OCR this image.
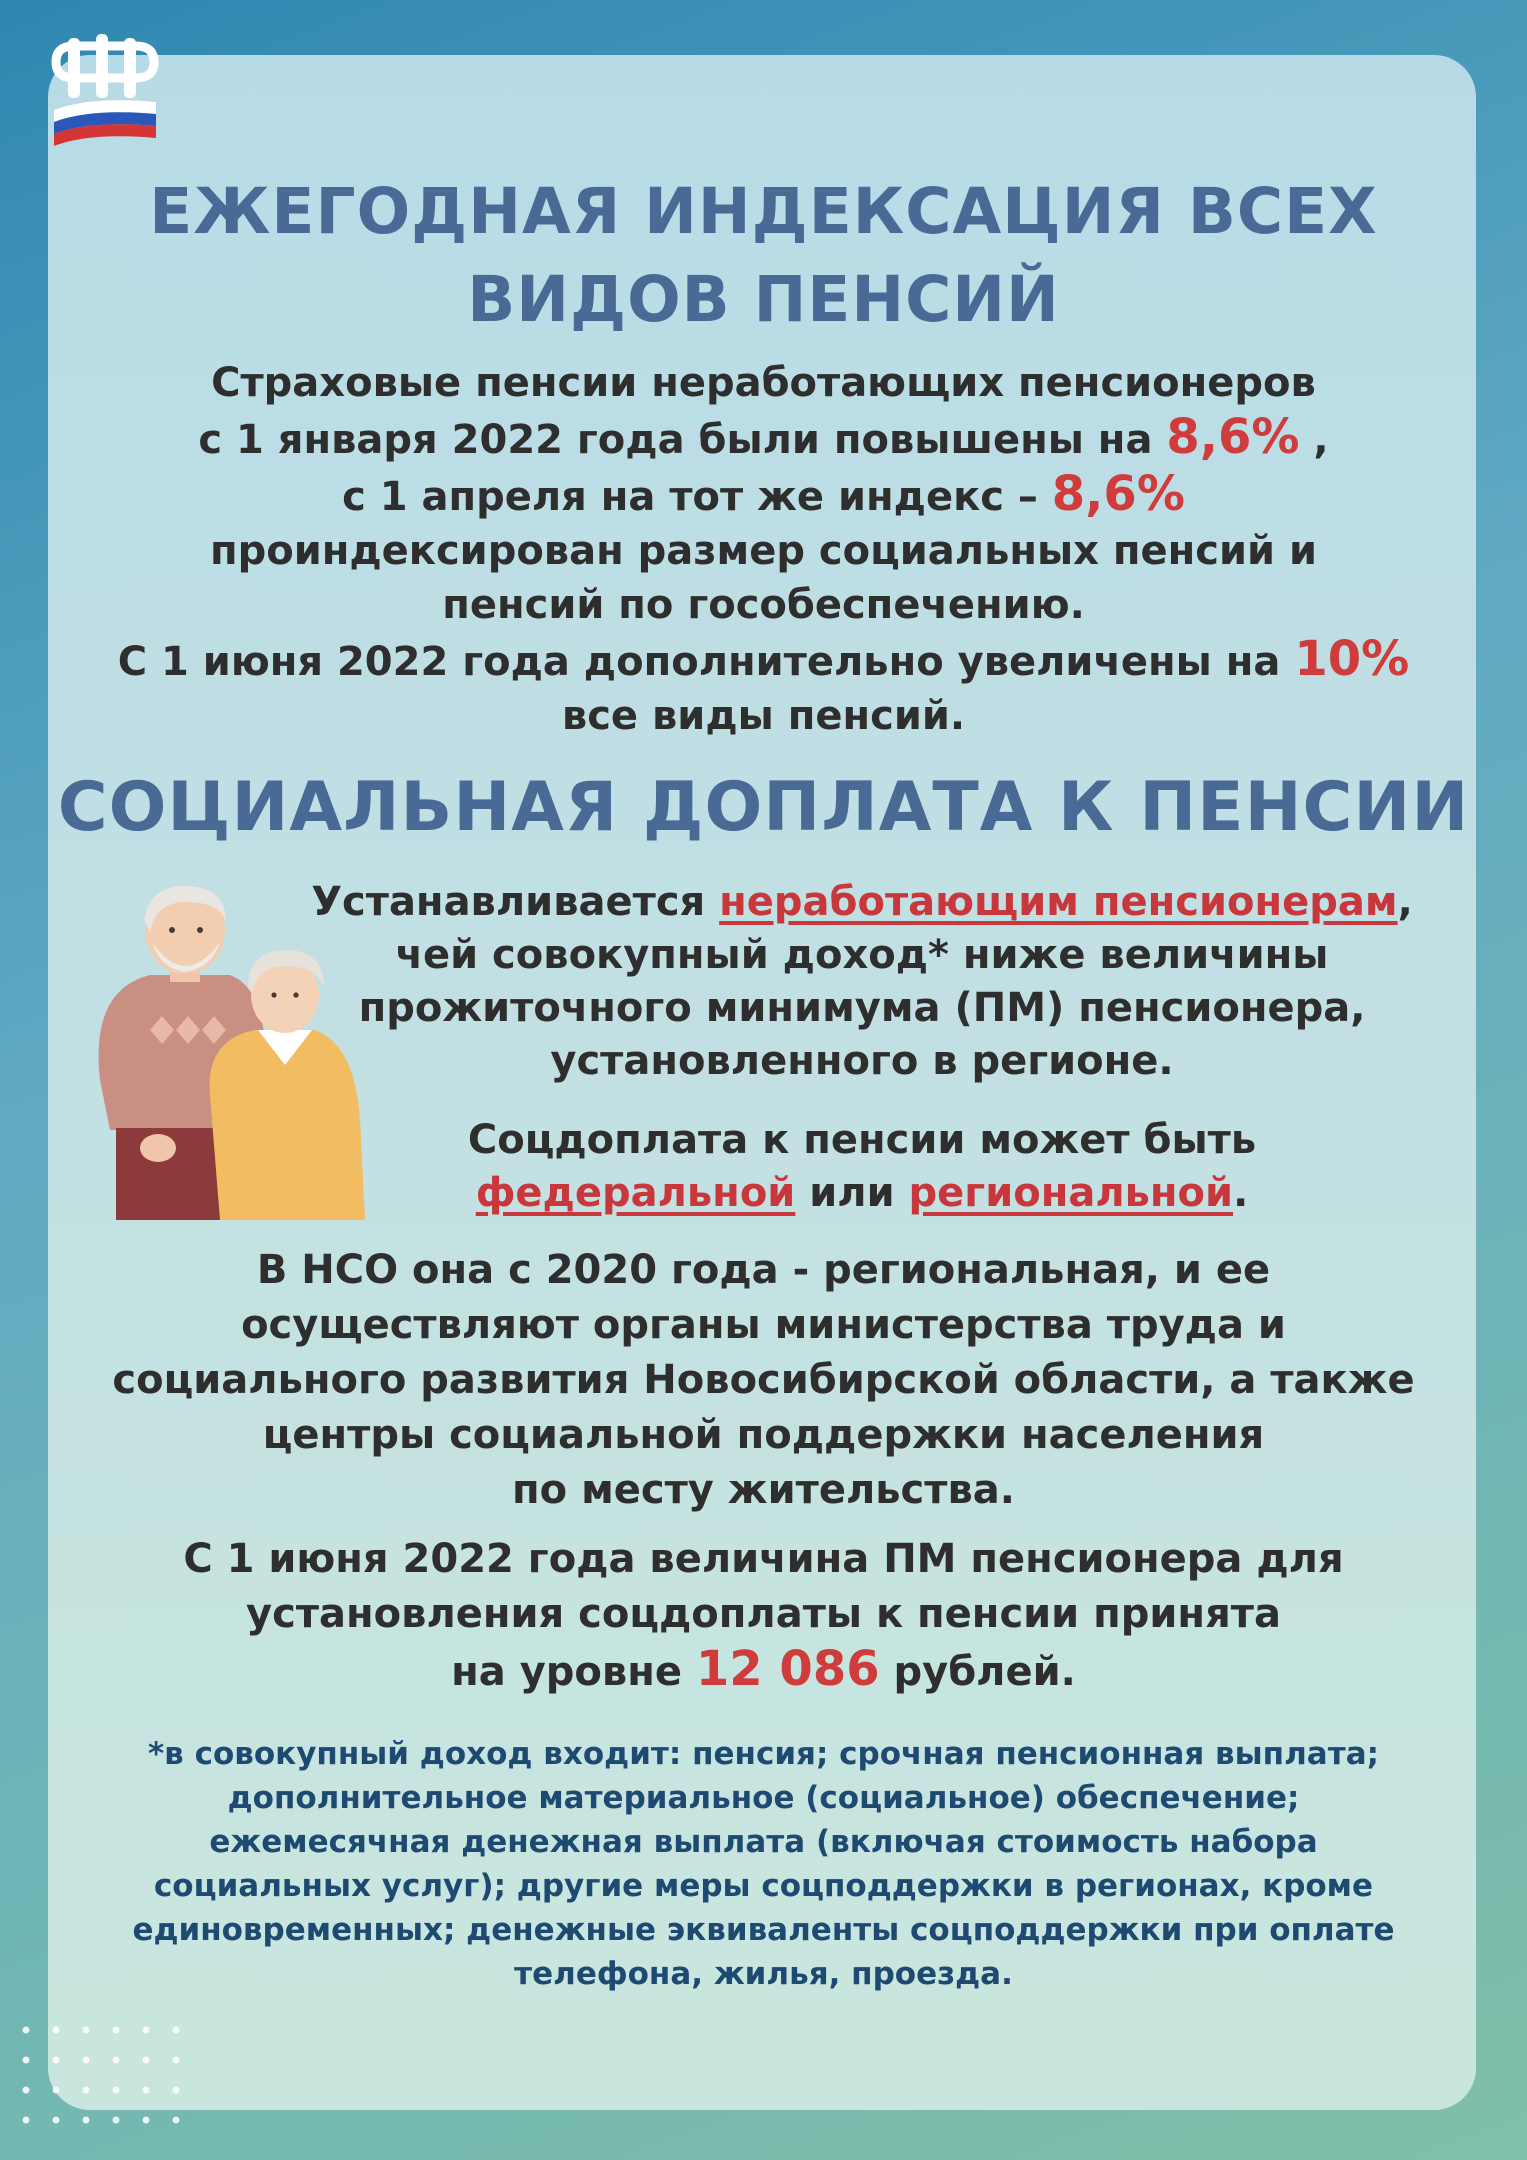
ЕЖЕГОДНАЯ ИНДЕКСАЦИЯ ВСЕХ
ВИДОВ ПЕНСИЙ
Страховые пенсии неработающих пенсионеров
с 1 января 2022 года были повышены на 8,6% ,
с 1 апреля на тот же индекс – 8,6%
проиндексирован размер социальных пенсий и
пенсий по гособеспечению.
С 1 июня 2022 года дополнительно увеличены на 10%
все виды пенсий.
СОЦИАЛЬНАЯ ДОПЛАТА К ПЕНСИИ
Устанавливается неработающим пенсионерам,
чей совокупный доход* ниже величины
прожиточного минимума (ПМ) пенсионера,
установленного в регионе.
Соцдоплата к пенсии может быть
федеральной или региональной.
В НСО она с 2020 года - региональная, и ее
осуществляют органы министерства труда и
социального развития Новосибирской области, а также
центры социальной поддержки населения
по месту жительства.
С 1 июня 2022 года величина ПМ пенсионера для
установления соцдоплаты к пенсии принята
на уровне 12 086 рублей.
*в совокупный доход входит: пенсия; срочная пенсионная выплата;
дополнительное материальное (социальное) обеспечение;
ежемесячная денежная выплата (включая стоимость набора
социальных услуг); другие меры соцподдержки в регионах, кроме
единовременных; денежные эквиваленты соцподдержки при оплате
телефона, жилья, проезда.
